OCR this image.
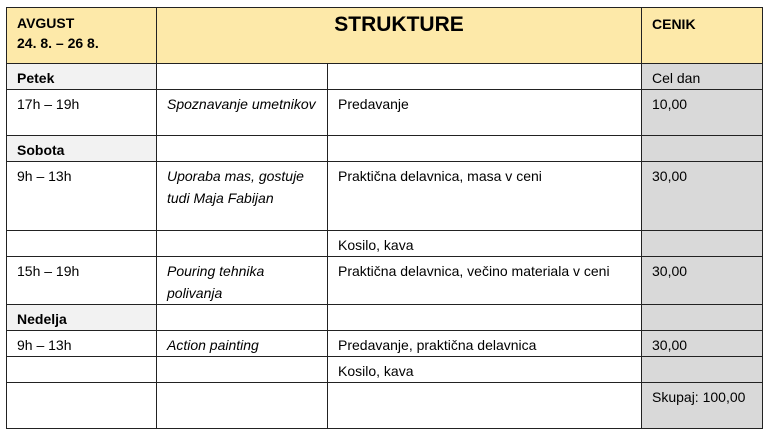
AVGUST
24. 8. – 26 8.	STRUKTURE		CENIK
Petek			Cel dan
17h – 19h	Spoznavanje umetnikov	Predavanje	10,00
Sobota			
9h – 13h	Uporaba mas, gostuje tudi Maja Fabijan	Praktična delavnica, masa v ceni	30,00
		Kosilo, kava	
15h – 19h	Pouring tehnika polivanja	Praktična delavnica, večino materiala v ceni	30,00
Nedelja			
9h – 13h	Action painting	Predavanje, praktična delavnica	30,00
		Kosilo, kava	
			Skupaj: 100,00
